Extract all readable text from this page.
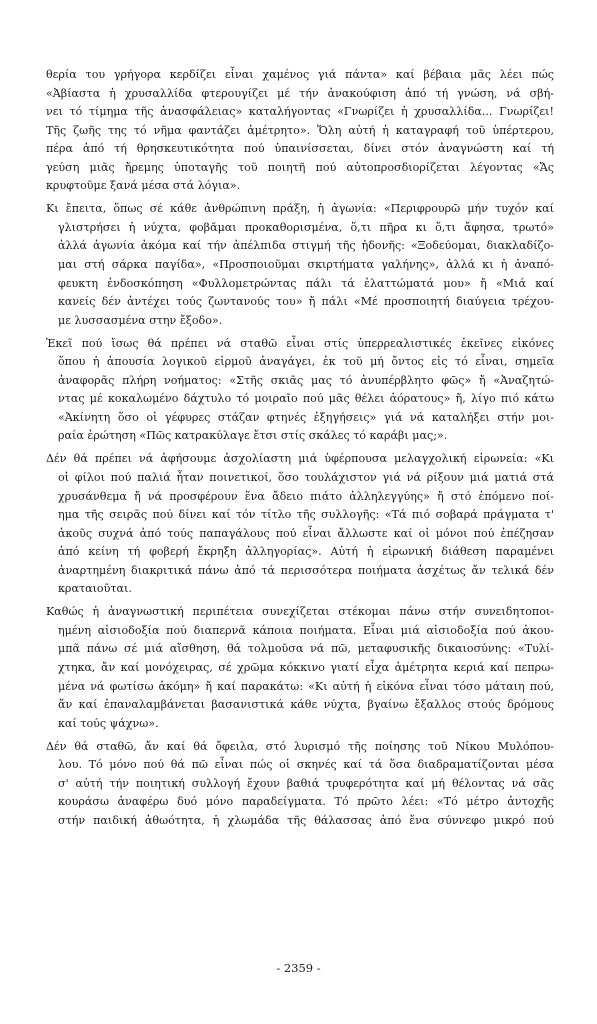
θερία του γρήγορα κερδίζει εἶναι χαμένος γιά πάντα» καί βέβαια μᾶς λέει πώς
«Ἀβίαστα ἡ χρυσαλλίδα φτερουγίζει μέ τήν ἀνακούφιση ἀπό τή γνώση, νά σβή-
νει τό τίμημα τῆς ἀνασφάλειας» καταλήγοντας «Γνωρίζει ἡ χρυσαλλίδα... Γνωρίζει!
Τῆς ζωῆς της τό νῆμα φαντάζει ἀμέτρητο». Ὅλη αὐτή ἡ καταγραφή τοῦ ὑπέρτερου,
πέρα ἀπό τή θρησκευτικότητα πού ὑπαινίσσεται, δίνει στόν ἀναγνώστη καί τή
γεύση μιᾶς ἤρεμης ὑποταγῆς τοῦ ποιητῆ πού αὐτοπροσδιορίζεται λέγοντας «Ἄς
κρυφτοῦμε ξανά μέσα στά λόγια».
Κι ἔπειτα, ὅπως σέ κάθε ἀνθρώπινη πράξη, ἡ ἀγωνία: «Περιφρουρῶ μήν τυχόν καί
γλιστρήσει ἡ νύχτα, φοβᾶμαι προκαθορισμένα, ὅ,τι πῆρα κι ὅ,τι ἄφησα, τρωτό»
ἀλλά ἀγωνία ἀκόμα καί τήν ἀπέλπιδα στιγμή τῆς ἡδονῆς: «Ξοδεύομαι, διακλαδίζο-
μαι στή σάρκα παγίδα», «Προσποιοῦμαι σκιρτήματα γαλήνης», ἀλλά κι ἡ ἀναπό-
φευκτη ἐνδοσκόπηση «Φυλλομετρώντας πάλι τά ἐλαττώματά μου» ἤ «Μιά καί
κανείς δέν ἀντέχει τούς ζωντανούς του» ἤ πάλι «Μέ προσποιητή διαύγεια τρέχου-
με λυσσασμένα στην ἔξοδο».
Ἐκεῖ πού ἴσως θά πρέπει νά σταθῶ εἶναι στίς ὑπερρεαλιστικές ἐκεῖνες εἰκόνες
ὅπου ἡ ἀπουσία λογικοῦ εἱρμοῦ ἀναγάγει, ἐκ τοῦ μή ὄντος εἰς τό εἶναι, σημεῖα
ἀναφορᾶς πλήρη νοήματος: «Στῆς σκιᾶς μας τό ἀνυπέρβλητο φῶς» ἤ «Ἀναζητώ-
ντας μέ κοκαλωμένο δάχτυλο τό μοιραῖο πού μᾶς θέλει ἀόρατους» ἤ, λίγο πιό κάτω
«Ἀκίνητη ὅσο οἱ γέφυρες στάζαν φτηνές ἐξηγήσεις» γιά νά καταλήξει στήν μοι-
ραία ἐρώτηση «Πῶς κατρακύλαγε ἔτσι στίς σκάλες τό καράβι μας;».
Δέν θά πρέπει νά ἀφήσουμε ἀσχολίαστη μιά ὑφέρπουσα μελαγχολική εἰρωνεία: «Κι
οἱ φίλοι πού παλιά ἦταν ποινετικοί, ὅσο τουλάχιστον γιά νά ρίξουν μιά ματιά στά
χρυσάνθεμα ἤ νά προσφέρουν ἕνα ἄδειο πιάτο ἀλληλεγγύης» ἤ στό ἑπόμενο ποί-
ημα τῆς σειρᾶς πού δίνει καί τόν τίτλο τῆς συλλογῆς: «Τά πιό σοβαρά πράγματα τ'
ἀκοῦς συχνά ἀπό τούς παπαγάλους πού εἶναι ἄλλωστε καί οἱ μόνοι πού ἐπέζησαν
ἀπό κείνη τή φοβερή ἔκρηξη ἀλληγορίας». Αὐτή ἡ εἰρωνική διάθεση παραμένει
ἀναρτημένη διακριτικά πάνω ἀπό τά περισσότερα ποιήματα ἀσχέτως ἄν τελικά δέν
κραταιοῦται.
Καθώς ἡ ἀναγνωστική περιπέτεια συνεχίζεται στέκομαι πάνω στήν συνειδητοποι-
ημένη αἰσιοδοξία πού διαπερνᾶ κάποια ποιήματα. Εἶναι μιά αἰσιοδοξία πού ἀκου-
μπᾶ πάνω σέ μιά αἴσθηση, θά τολμοῦσα νά πῶ, μεταφυσικῆς δικαιοσύνης: «Τυλί-
χτηκα, ἄν καί μονόχειρας, σέ χρῶμα κόκκινο γιατί εἶχα ἀμέτρητα κεριά καί πεπρω-
μένα νά φωτίσω ἀκόμη» ἤ καί παρακάτω: «Κι αὐτή ἡ εἰκόνα εἶναι τόσο μάταιη πού,
ἄν καί ἐπαναλαμβάνεται βασανιστικά κάθε νύχτα, βγαίνω ἔξαλλος στούς δρόμους
καί τούς ψάχνω».
Δέν θά σταθῶ, ἄν καί θά ὄφειλα, στό λυρισμό τῆς ποίησης τοῦ Νίκου Μυλόπου-
λου. Τό μόνο πού θά πῶ εἶναι πώς οἱ σκηνές καί τά ὅσα διαδραματίζονται μέσα
σ' αὐτή τήν ποιητική συλλογή ἔχουν βαθιά τρυφερότητα καί μή θέλοντας νά σᾶς
κουράσω ἀναφέρω δυό μόνο παραδείγματα. Τό πρῶτο λέει: «Τό μέτρο ἀντοχῆς
στήν παιδική ἀθωότητα, ἡ χλωμάδα τῆς θάλασσας ἀπό ἕνα σύννεφο μικρό πού
- 2359 -
